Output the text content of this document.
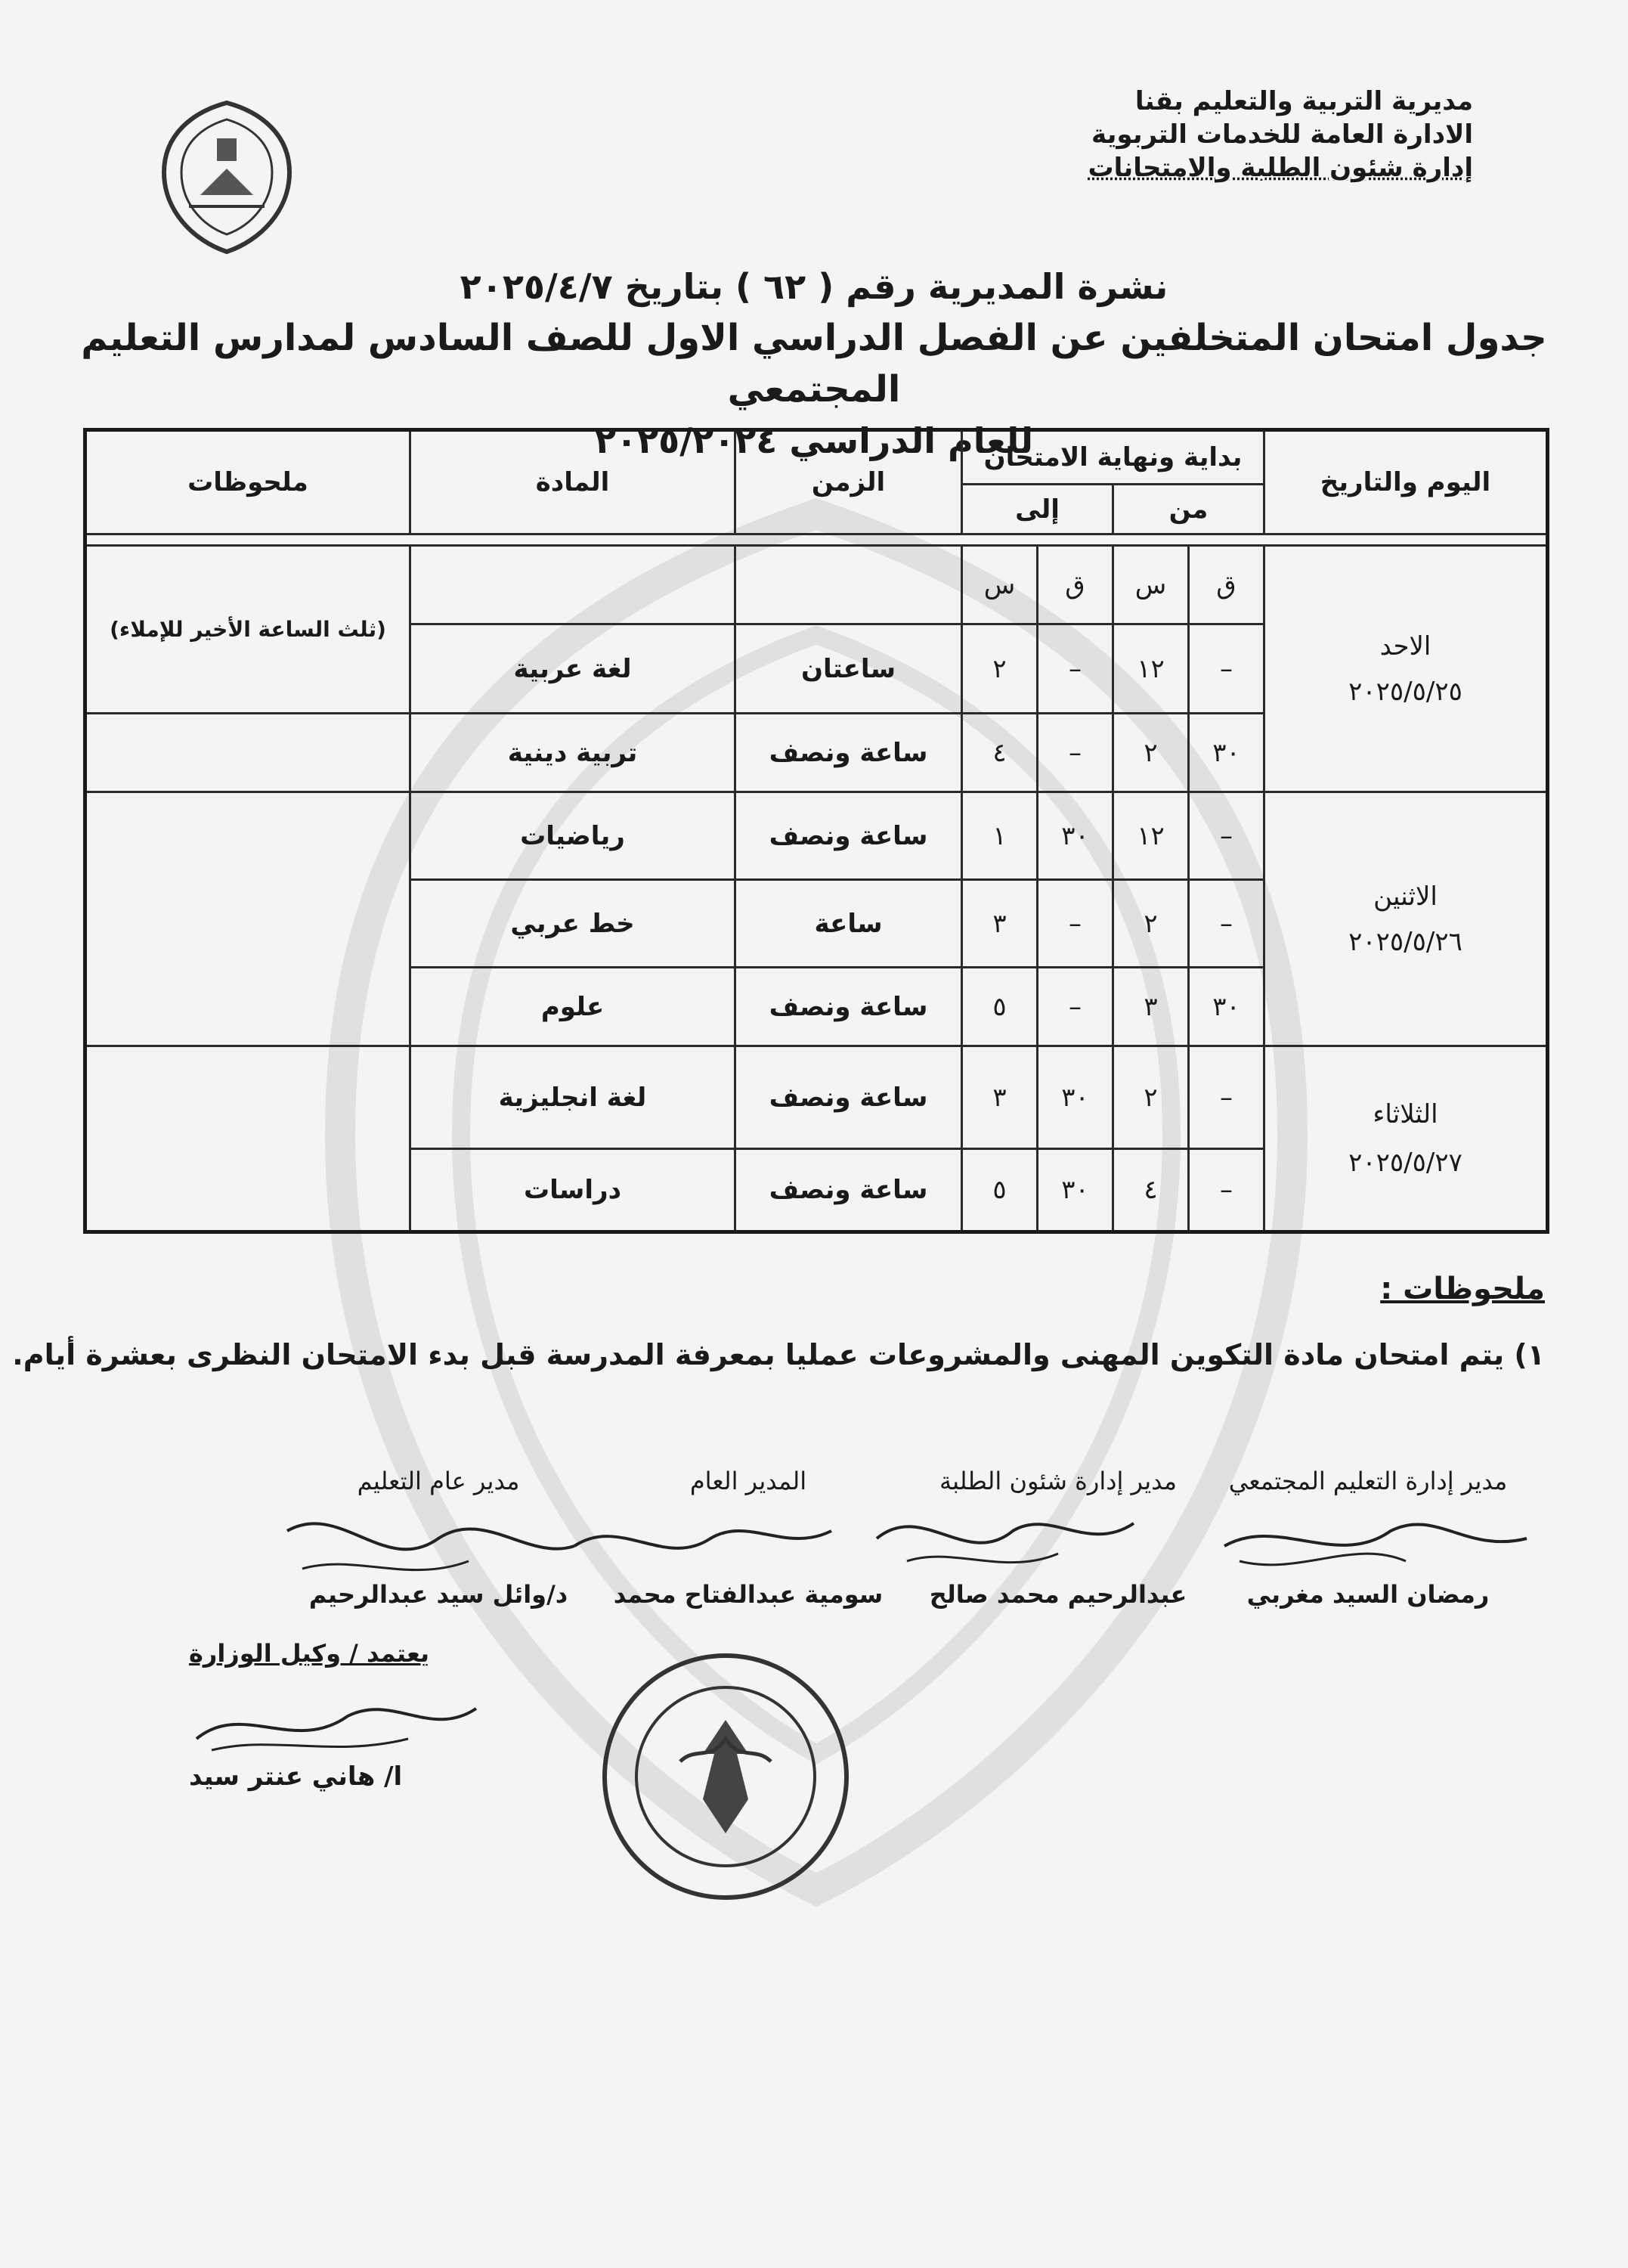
مديرية التربية والتعليم بقنا
الادارة العامة للخدمات التربوية
إدارة شئون الطلبة والامتحانات
نشرة المديرية رقم ( ٦٢ ) بتاريخ ٢٠٢٥/٤/٧
جدول امتحان المتخلفين عن الفصل الدراسي الاول للصف السادس لمدارس التعليم المجتمعي
للعام الدراسي ٢٠٢٥/٢٠٢٤
اليوم والتاريخ	بداية ونهاية الامتحان				الزمن	المادة	ملحوظات
	من		إلى				

الاحد
٢٠٢٥/٥/٢٥	ق	س	ق	س			(ثلث الساعة الأخير للإملاء)
	–	١٢	–	٢	ساعتان	لغة عربية	
	٣٠	٢	–	٤	ساعة ونصف	تربية دينية	

الاثنين
٢٠٢٥/٥/٢٦	–	١٢	٣٠	١	ساعة ونصف	رياضيات	
	–	٢	–	٣	ساعة	خط عربي	
	٣٠	٣	–	٥	ساعة ونصف	علوم	

الثلاثاء
٢٠٢٥/٥/٢٧	–	٢	٣٠	٣	ساعة ونصف	لغة انجليزية	
	–	٤	٣٠	٥	ساعة ونصف	دراسات	
ملحوظات :
١) يتم امتحان مادة التكوين المهنى والمشروعات عمليا بمعرفة المدرسة قبل بدء الامتحان النظرى بعشرة أيام.
مدير إدارة التعليم المجتمعي
مدير إدارة شئون الطلبة
المدير العام
مدير عام التعليم
رمضان السيد مغربي
عبدالرحيم محمد صالح
سومية عبدالفتاح محمد
د/وائل سيد عبدالرحيم
يعتمد / وكيل الوزارة
ا/ هاني عنتر سيد
